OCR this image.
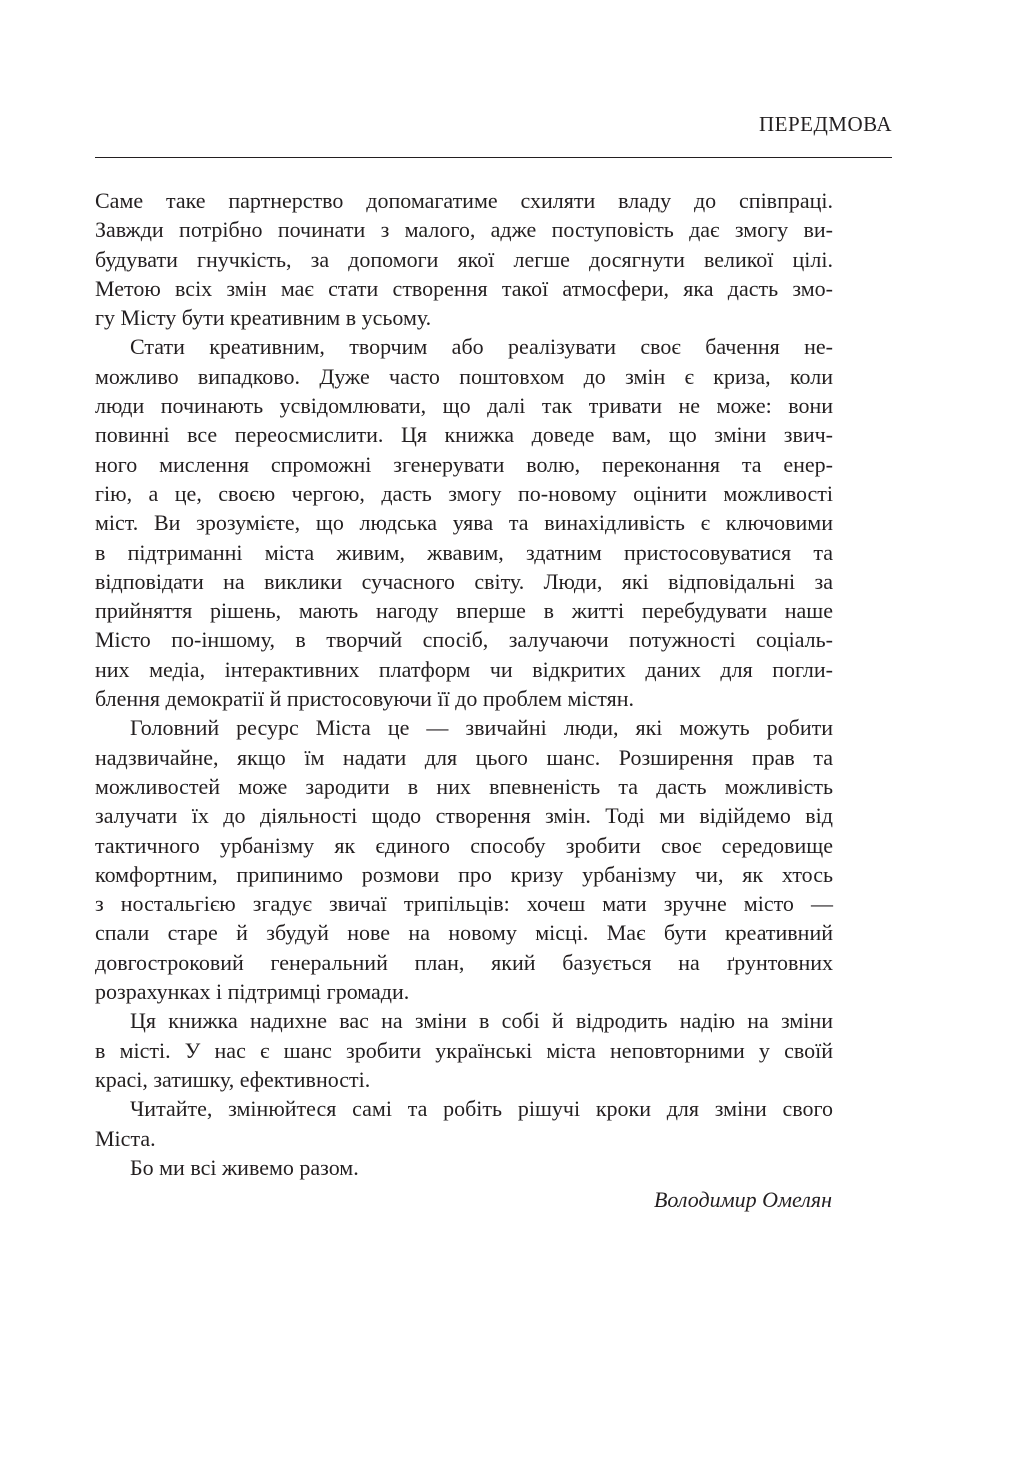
ПЕРЕДМОВА

Саме таке партнерство допомагатиме схиляти владу до співпраці.

Завжди потрібно починати з малого, адже поступовість дає змогу ви-

будувати гнучкість, за допомоги якої легше досягнути великої цілі.

Метою всіх змін має стати створення такої атмосфери, яка дасть змо-

гу Місту бути креативним в усьому.

Стати креативним, творчим або реалізувати своє бачення не-

можливо випадково. Дуже часто поштовхом до змін є криза, коли

люди починають усвідомлювати, що далі так тривати не може: вони

повинні все переосмислити. Ця книжка доведе вам, що зміни звич-

ного мислення спроможні згенерувати волю, переконання та енер-

гію, а це, своєю чергою, дасть змогу по-новому оцінити можливості

міст. Ви зрозумієте, що людська уява та винахідливість є ключовими

в підтриманні міста живим, жвавим, здатним пристосовуватися та

відповідати на виклики сучасного світу. Люди, які відповідальні за

прийняття рішень, мають нагоду вперше в житті перебудувати наше

Місто по-іншому, в творчий спосіб, залучаючи потужності соціаль-

них медіа, інтерактивних платформ чи відкритих даних для погли-

блення демократії й пристосовуючи її до проблем містян.

Головний ресурс Міста це — звичайні люди, які можуть робити

надзвичайне, якщо їм надати для цього шанс. Розширення прав та

можливостей може зародити в них впевненість та дасть можливість

залучати їх до діяльності щодо створення змін. Тоді ми відійдемо від

тактичного урбанізму як єдиного способу зробити своє середовище

комфортним, припинимо розмови про кризу урбанізму чи, як хтось

з ностальгією згадує звичаї трипільців: хочеш мати зручне місто —

спали старе й збудуй нове на новому місці. Має бути креативний

довгостроковий генеральний план, який базується на ґрунтовних

розрахунках і підтримці громади.

Ця книжка надихне вас на зміни в собі й відродить надію на зміни

в місті. У нас є шанс зробити українські міста неповторними у своїй

красі, затишку, ефективності.

Читайте, змінюйтеся самі та робіть рішучі кроки для зміни свого

Міста.

Бо ми всі живемо разом.

Володимир Омелян
